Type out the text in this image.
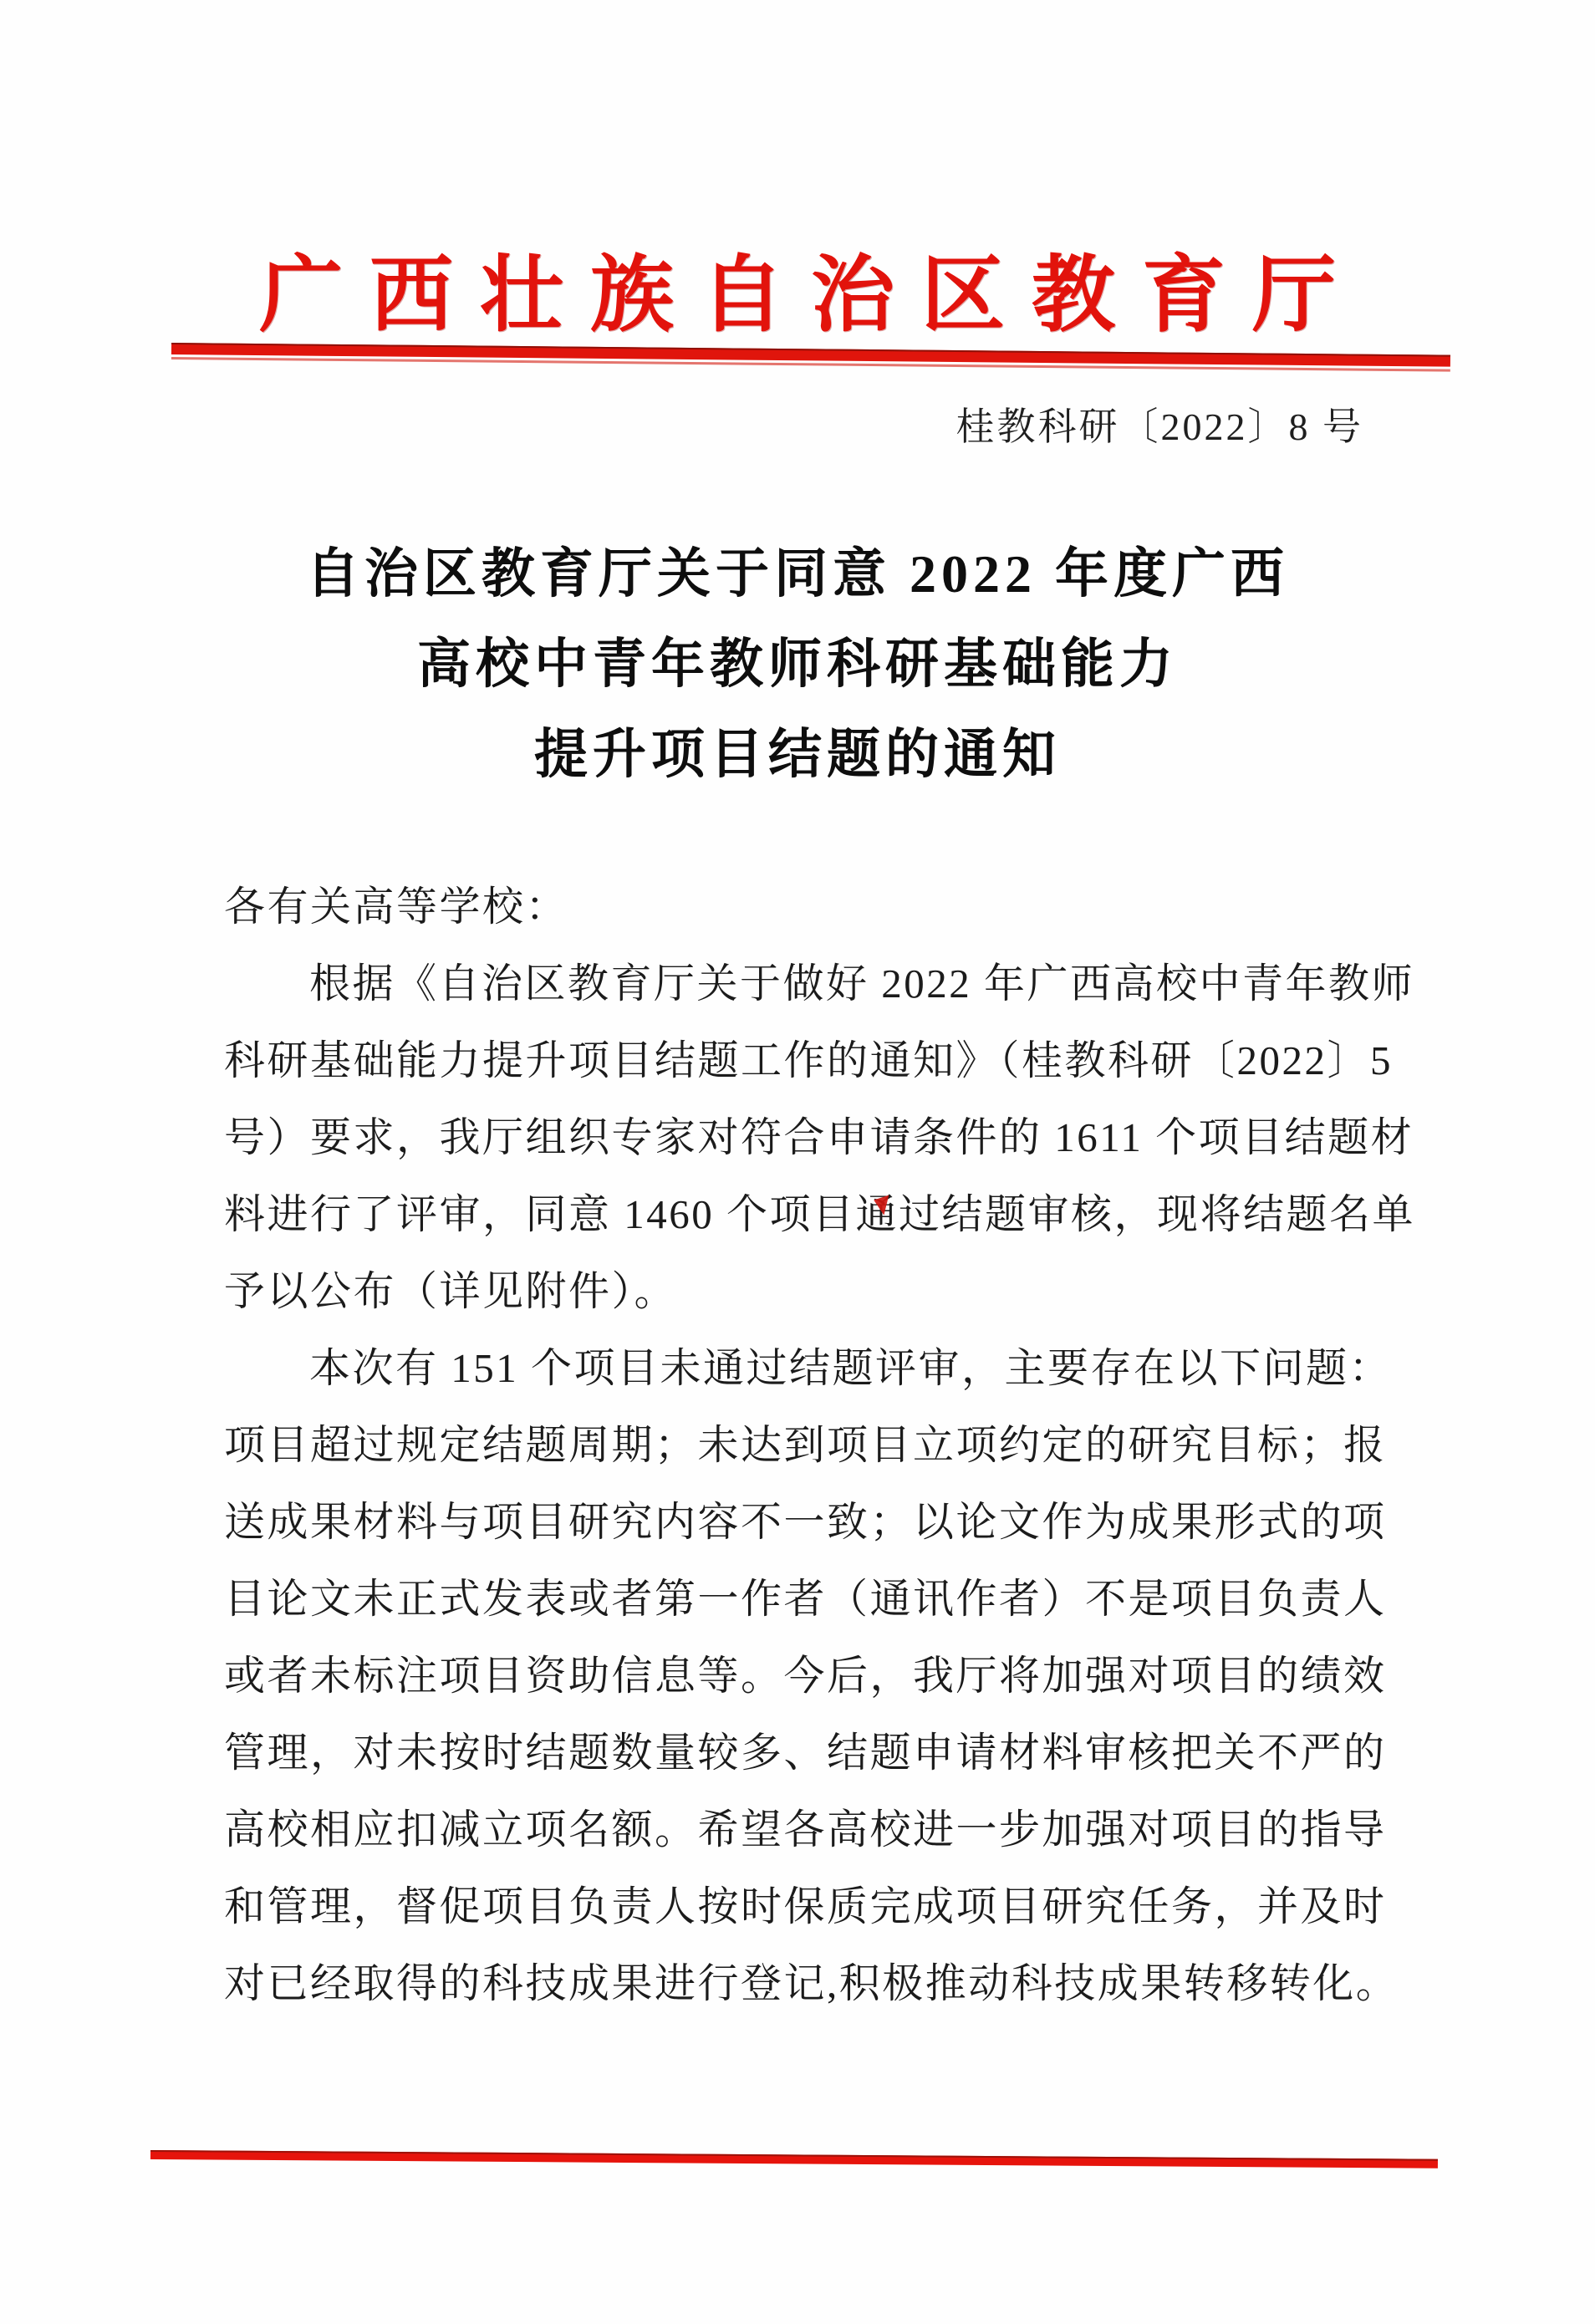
广西壮族自治区教育厅
桂教科研〔2022〕8 号
自治区教育厅关于同意 2022 年度广西
高校中青年教师科研基础能力
提升项目结题的通知
各有关高等学校：
根据《自治区教育厅关于做好 2022 年广西高校中青年教师
科研基础能力提升项目结题工作的通知》（桂教科研〔2022〕5
号）要求，我厅组织专家对符合申请条件的 1611 个项目结题材
料进行了评审，同意 1460 个项目通过结题审核，现将结题名单
予以公布（详见附件）。
本次有 151 个项目未通过结题评审，主要存在以下问题：
项目超过规定结题周期；未达到项目立项约定的研究目标；报
送成果材料与项目研究内容不一致；以论文作为成果形式的项
目论文未正式发表或者第一作者（通讯作者）不是项目负责人
或者未标注项目资助信息等。今后，我厅将加强对项目的绩效
管理，对未按时结题数量较多、结题申请材料审核把关不严的
高校相应扣减立项名额。希望各高校进一步加强对项目的指导
和管理，督促项目负责人按时保质完成项目研究任务，并及时
对已经取得的科技成果进行登记,积极推动科技成果转移转化。
